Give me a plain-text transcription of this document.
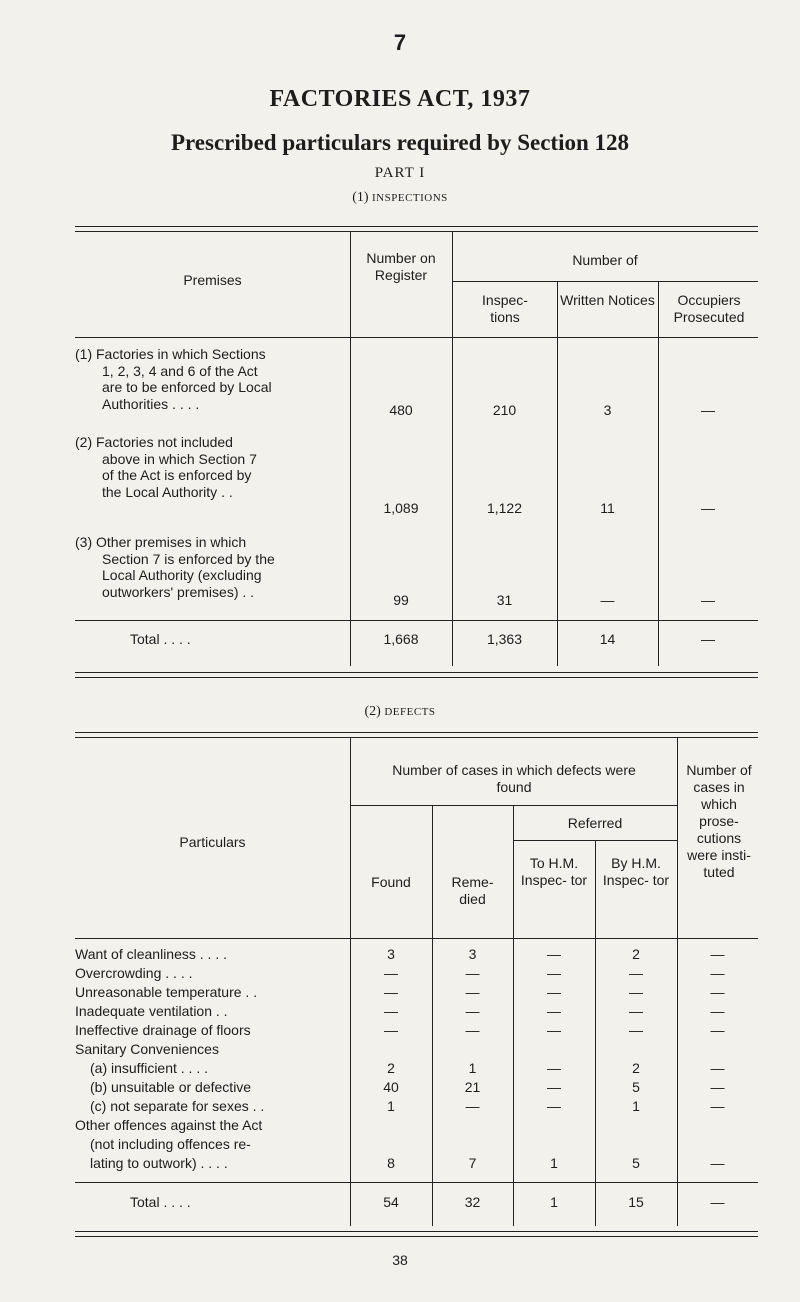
7
FACTORIES ACT, 1937
Prescribed particulars required by Section 128
PART I
(1) INSPECTIONS
Premises
Number on Register
Number of
Inspec- tions
Written Notices	Occupiers Prosecuted
(1) Factories in which Sections
1, 2, 3, 4 and 6 of the Act
are to be enforced by Local
Authorities . . . .	480	210	3	—
(2) Factories not included
above in which Section 7
of the Act is enforced by
the Local Authority . .
1,089	1,122	11	—
(3) Other premises in which
Section 7 is enforced by the
Local Authority (excluding
outworkers' premises) . .
99	31	—	—
Total . . . .	1,668	1,363	14	—
(2) DEFECTS
Particulars
Number of cases in which defects were found
Found	Reme- died
Referred
To H.M. Inspec- tor
By H.M. Inspec- tor
Number of cases in which prose- cutions were insti- tuted
Want of cleanliness . . . .	3	3	—	2	—
Overcrowding . . . .	—	—	—	—	—
Unreasonable temperature . .	—	—	—	—	—
Inadequate ventilation . .	—	—	—	—	—
Ineffective drainage of floors	—	—	—	—	—
Sanitary Conveniences
(a) insufficient . . . .	2	1	—	2	—
(b) unsuitable or defective	40	21	—	5	—
(c) not separate for sexes . .	1	—	—	1	—
Other offences against the Act
(not including offences re-
lating to outwork) . . . .	8	7	1	5	—
Total . . . .	54	32	1	15	—
38
